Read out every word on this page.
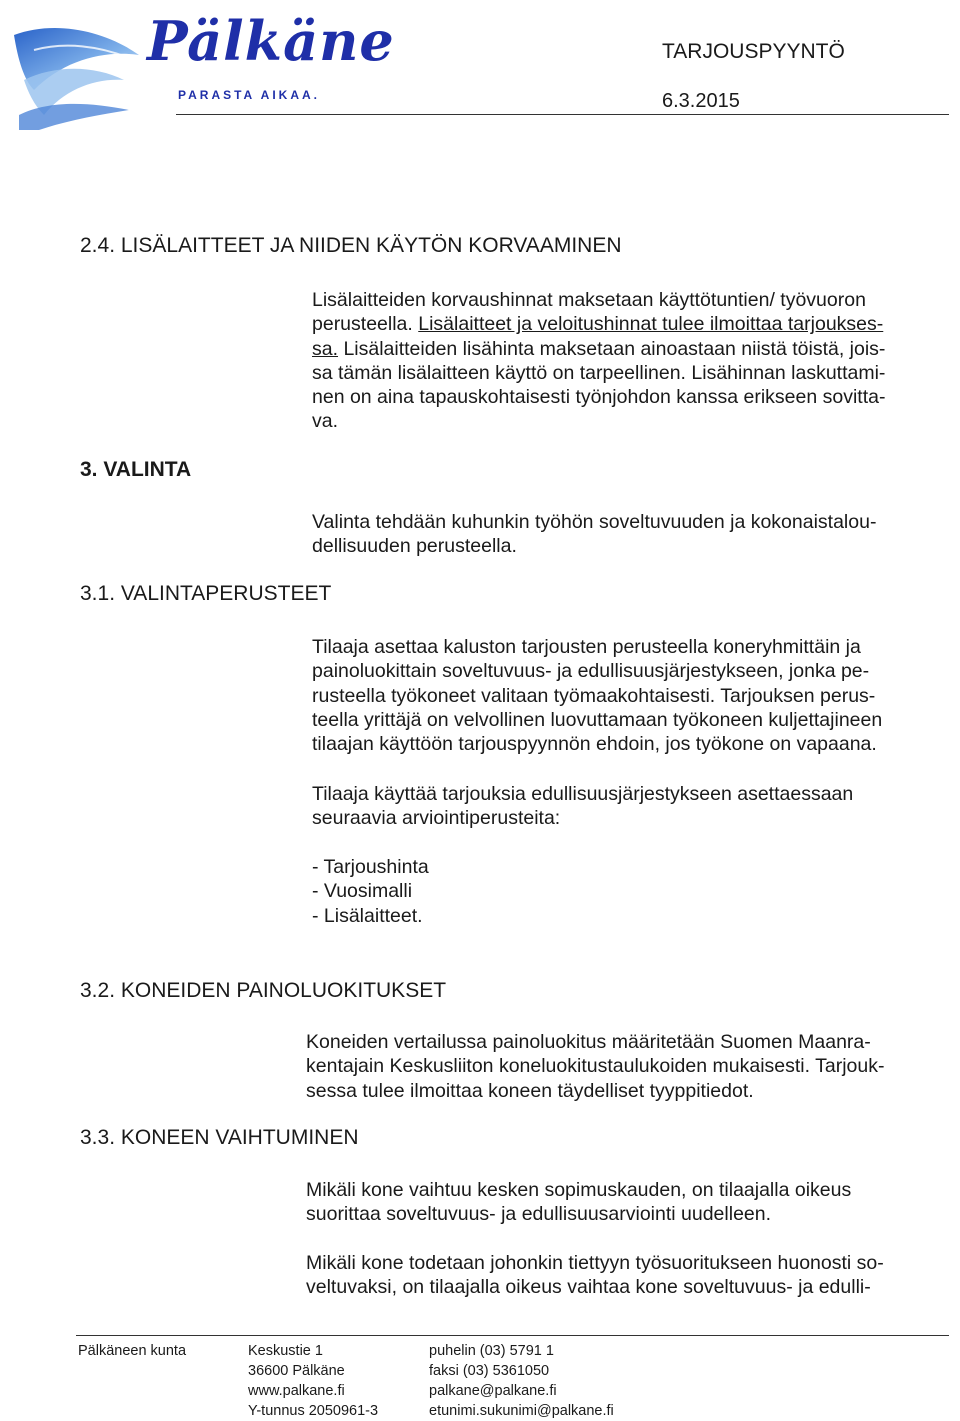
Pälkäne
PARASTA AIKAA.
TARJOUSPYYNTÖ
6.3.2015
2.4. LISÄLAITTEET JA NIIDEN KÄYTÖN KORVAAMINEN
Lisälaitteiden korvaushinnat maksetaan käyttötuntien/ työvuoron
perusteella. Lisälaitteet ja veloitushinnat tulee ilmoittaa tarjoukses-
sa. Lisälaitteiden lisähinta maksetaan ainoastaan niistä töistä, jois-
sa tämän lisälaitteen käyttö on tarpeellinen. Lisähinnan laskuttami-
nen on aina tapauskohtaisesti työnjohdon kanssa erikseen sovitta-
va.
3. VALINTA
Valinta tehdään kuhunkin työhön soveltuvuuden ja kokonaistalou-
dellisuuden perusteella.
3.1. VALINTAPERUSTEET
Tilaaja asettaa kaluston tarjousten perusteella koneryhmittäin ja
painoluokittain soveltuvuus- ja edullisuusjärjestykseen, jonka pe-
rusteella työkoneet valitaan työmaakohtaisesti. Tarjouksen perus-
teella yrittäjä on velvollinen luovuttamaan työkoneen kuljettajineen
tilaajan käyttöön tarjouspyynnön ehdoin, jos työkone on vapaana.
Tilaaja käyttää tarjouksia edullisuusjärjestykseen asettaessaan
seuraavia arviointiperusteita:
- Tarjoushinta
- Vuosimalli
- Lisälaitteet.
3.2. KONEIDEN PAINOLUOKITUKSET
Koneiden vertailussa painoluokitus määritetään Suomen Maanra-
kentajain Keskusliiton koneluokitustaulukoiden mukaisesti. Tarjouk-
sessa tulee ilmoittaa koneen täydelliset tyyppitiedot.
3.3. KONEEN VAIHTUMINEN
Mikäli kone vaihtuu kesken sopimuskauden, on tilaajalla oikeus
suorittaa soveltuvuus- ja edullisuusarviointi uudelleen.
Mikäli kone todetaan johonkin tiettyyn työsuoritukseen huonosti so-
veltuvaksi, on tilaajalla oikeus vaihtaa kone soveltuvuus- ja edulli-
Pälkäneen kunta	Keskustie 1
36600 Pälkäne
www.palkane.fi
Y-tunnus 2050961-3
puhelin (03) 5791 1
faksi (03) 5361050
palkane@palkane.fi
etunimi.sukunimi@palkane.fi
